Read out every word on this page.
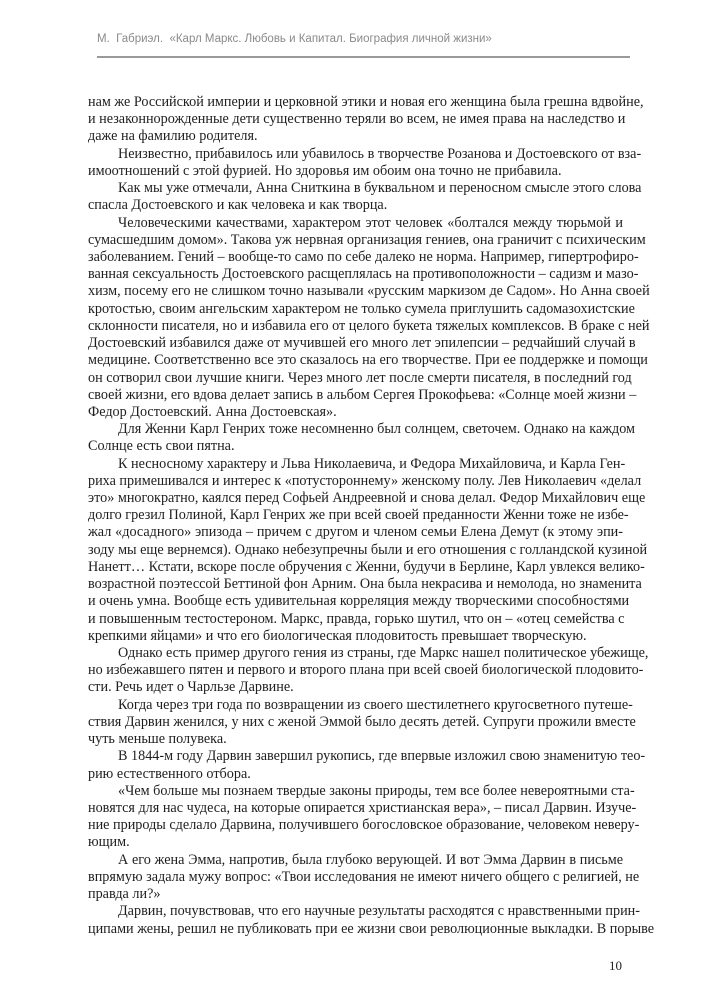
М.  Габриэл.  «Карл Маркс. Любовь и Капитал. Биография личной жизни»
нам же Российской империи и церковной этики и новая его женщина была грешна вдвойне,
и незаконнорожденные дети существенно теряли во всем, не имея права на наследство и
даже на фамилию родителя.
Неизвестно, прибавилось или убавилось в творчестве Розанова и Достоевского от вза-
имоотношений с этой фурией. Но здоровья им обоим она точно не прибавила.
Как мы уже отмечали, Анна Сниткина в буквальном и переносном смысле этого слова
спасла Достоевского и как человека и как творца.
Человеческими качествами, характером этот человек «болтался между тюрьмой и
сумасшедшим домом». Такова уж нервная организация гениев, она граничит с психическим
заболеванием. Гений – вообще-то само по себе далеко не норма. Например, гипертрофиро-
ванная сексуальность Достоевского расщеплялась на противоположности – садизм и мазо-
хизм, посему его не слишком точно называли «русским маркизом де Садом». Но Анна своей
кротостью, своим ангельским характером не только сумела приглушить садомазохистские
склонности писателя, но и избавила его от целого букета тяжелых комплексов. В браке с ней
Достоевский избавился даже от мучившей его много лет эпилепсии – редчайший случай в
медицине. Соответственно все это сказалось на его творчестве. При ее поддержке и помощи
он сотворил свои лучшие книги. Через много лет после смерти писателя, в последний год
своей жизни, его вдова делает запись в альбом Сергея Прокофьева: «Солнце моей жизни –
Федор Достоевский. Анна Достоевская».
Для Женни Карл Генрих тоже несомненно был солнцем, светочем. Однако на каждом
Солнце есть свои пятна.
К несносному характеру и Льва Николаевича, и Федора Михайловича, и Карла Ген-
риха примешивался и интерес к «потустороннему» женскому полу. Лев Николаевич «делал
это» многократно, каялся перед Софьей Андреевной и снова делал. Федор Михайлович еще
долго грезил Полиной, Карл Генрих же при всей своей преданности Женни тоже не избе-
жал «досадного» эпизода – причем с другом и членом семьи Елена Демут (к этому эпи-
зоду мы еще вернемся). Однако небезупречны были и его отношения с голландской кузиной
Нанетт… Кстати, вскоре после обручения с Женни, будучи в Берлине, Карл увлекся велико-
возрастной поэтессой Беттиной фон Арним. Она была некрасива и немолода, но знаменита
и очень умна. Вообще есть удивительная корреляция между творческими способностями
и повышенным тестостероном. Маркс, правда, горько шутил, что он – «отец семейства с
крепкими яйцами» и что его биологическая плодовитость превышает творческую.
Однако есть пример другого гения из страны, где Маркс нашел политическое убежище,
но избежавшего пятен и первого и второго плана при всей своей биологической плодовито-
сти. Речь идет о Чарльзе Дарвине.
Когда через три года по возвращении из своего шестилетнего кругосветного путеше-
ствия Дарвин женился, у них с женой Эммой было десять детей. Супруги прожили вместе
чуть меньше полувека.
В 1844-м году Дарвин завершил рукопись, где впервые изложил свою знаменитую тео-
рию естественного отбора.
«Чем больше мы познаем твердые законы природы, тем все более невероятными ста-
новятся для нас чудеса, на которые опирается христианская вера», – писал Дарвин. Изуче-
ние природы сделало Дарвина, получившего богословское образование, человеком неверу-
ющим.
А его жена Эмма, напротив, была глубоко верующей. И вот Эмма Дарвин в письме
впрямую задала мужу вопрос: «Твои исследования не имеют ничего общего с религией, не
правда ли?»
Дарвин, почувствовав, что его научные результаты расходятся с нравственными прин-
ципами жены, решил не публиковать при ее жизни свои революционные выкладки. В порыве
10
